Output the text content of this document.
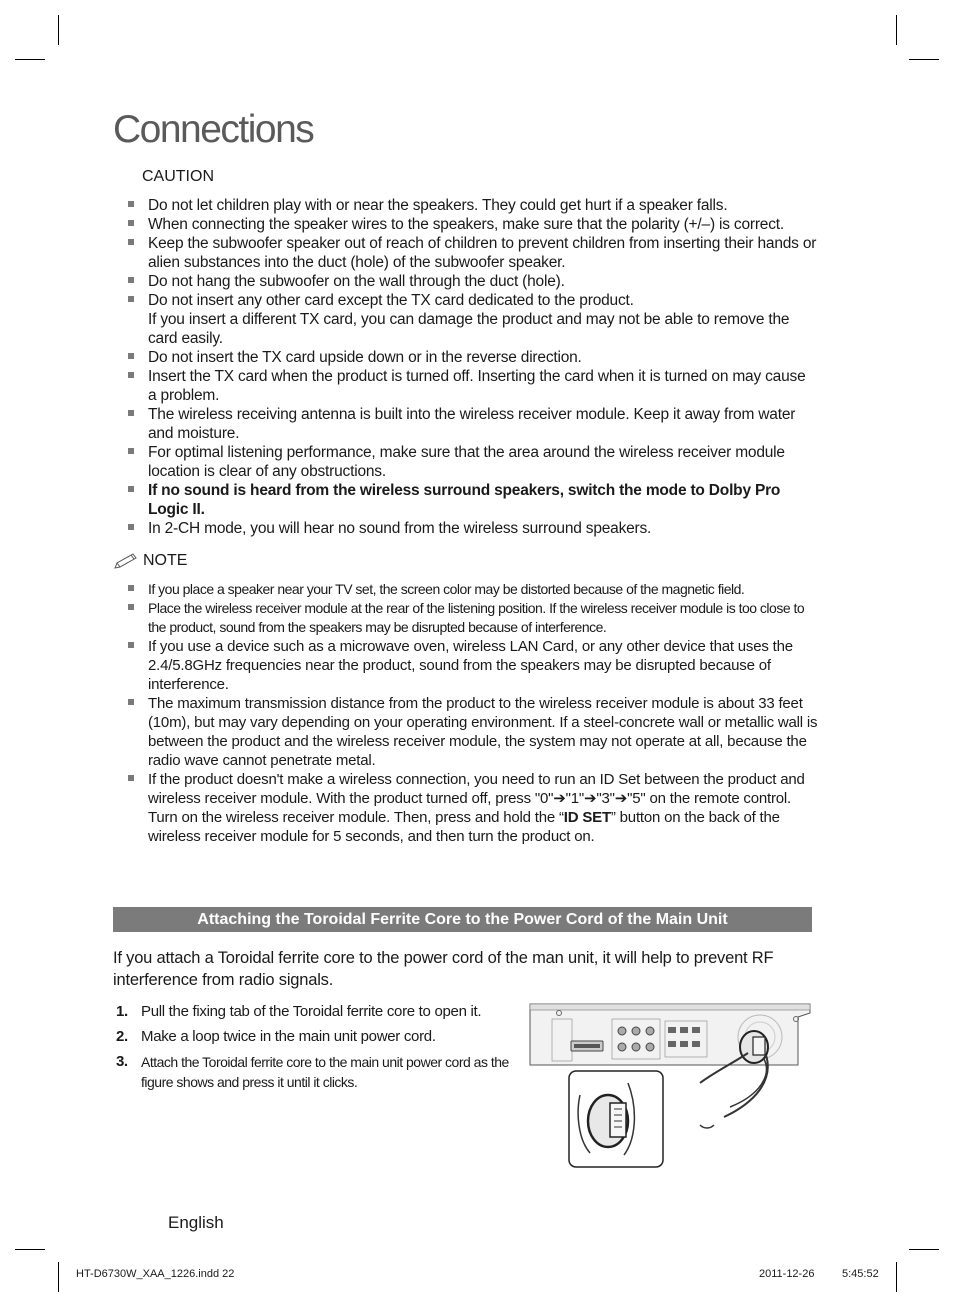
Connections
CAUTION
Do not let children play with or near the speakers. They could get hurt if a speaker falls.
When connecting the speaker wires to the speakers, make sure that the polarity (+/–) is correct.
Keep the subwoofer speaker out of reach of children to prevent children from inserting their hands or alien substances into the duct (hole) of the subwoofer speaker.
Do not hang the subwoofer on the wall through the duct (hole).
Do not insert any other card except the TX card dedicated to the product.
If you insert a different TX card, you can damage the product and may not be able to remove the card easily.
Do not insert the TX card upside down or in the reverse direction.
Insert the TX card when the product is turned off. Inserting the card when it is turned on may cause a problem.
The wireless receiving antenna is built into the wireless receiver module. Keep it away from water and moisture.
For optimal listening performance, make sure that the area around the wireless receiver module location is clear of any obstructions.
If no sound is heard from the wireless surround speakers, switch the mode to Dolby Pro Logic II.
In 2-CH mode, you will hear no sound from the wireless surround speakers.
NOTE
If you place a speaker near your TV set, the screen color may be distorted because of the magnetic field.
Place the wireless receiver module at the rear of the listening position. If the wireless receiver module is too close to the product, sound from the speakers may be disrupted because of interference.
If you use a device such as a microwave oven, wireless LAN Card, or any other device that uses the 2.4/5.8GHz frequencies near the product, sound from the speakers may be disrupted because of interference.
The maximum transmission distance from the product to the wireless receiver module is about 33 feet (10m), but may vary depending on your operating environment. If a steel-concrete wall or metallic wall is between the product and the wireless receiver module, the system may not operate at all, because the radio wave cannot penetrate metal.
If the product doesn't make a wireless connection, you need to run an ID Set between the product and wireless receiver module. With the product turned off, press "0"➔"1"➔"3"➔"5" on the remote control. Turn on the wireless receiver module. Then, press and hold the “ID SET” button on the back of the wireless receiver module for 5 seconds, and then turn the product on.
Attaching the Toroidal Ferrite Core to the Power Cord of the Main Unit
If you attach a Toroidal ferrite core to the power cord of the man unit, it will help to prevent RF interference from radio signals.
1. Pull the fixing tab of the Toroidal ferrite core to open it.
2. Make a loop twice in the main unit power cord.
3. Attach the Toroidal ferrite core to the main unit power cord as the figure shows and press it until it clicks.
English
HT-D6730W_XAA_1226.indd 22	2011-12-26	5:45:52
